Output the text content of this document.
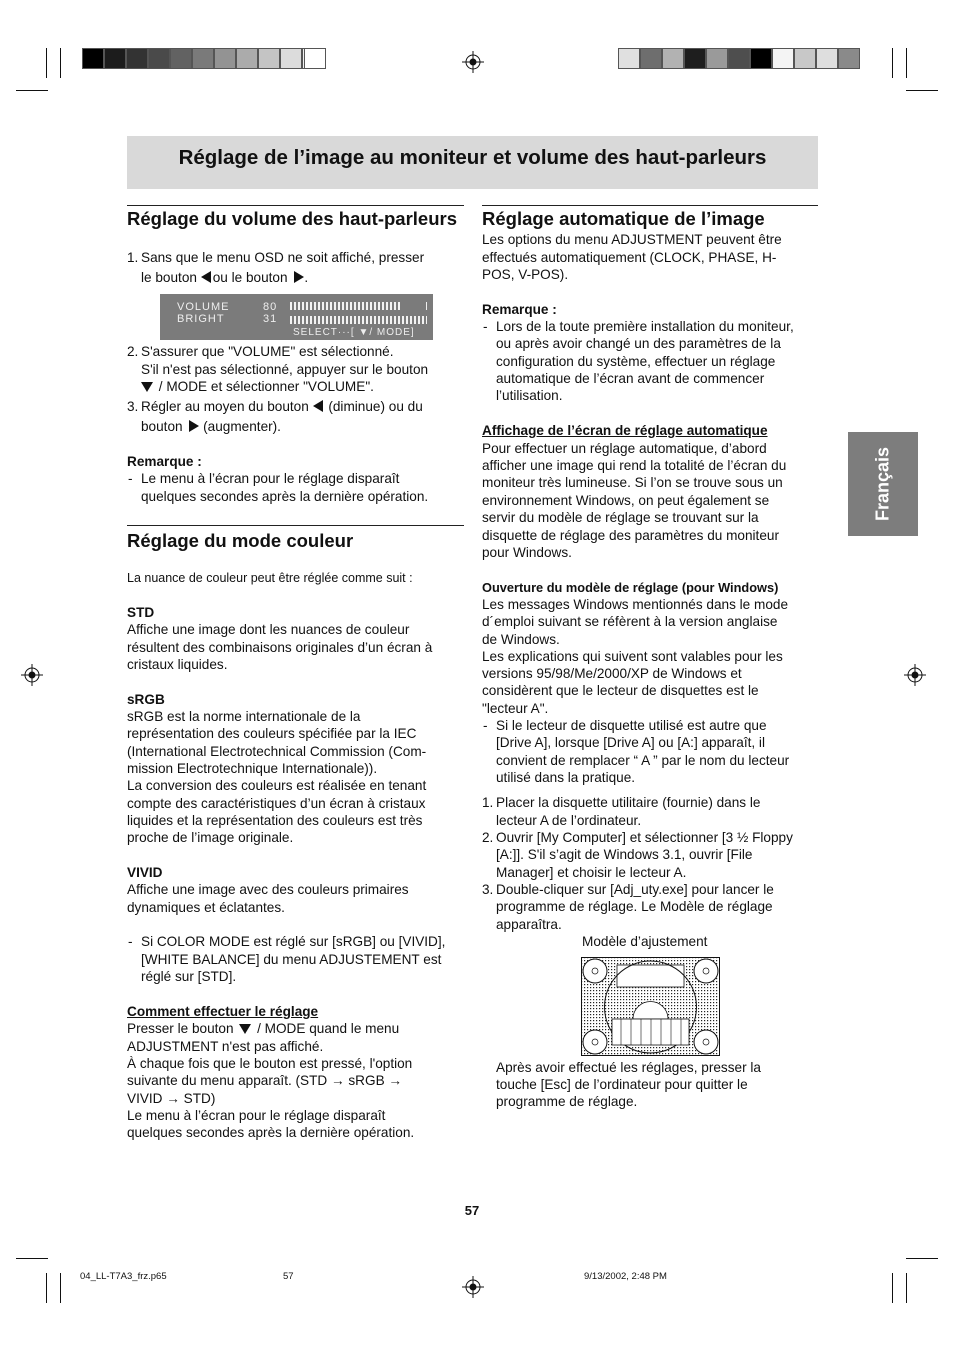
Réglage de l’image au moniteur et volume des haut-parleurs
Français
Réglage du volume des haut-parleurs
1. Sans que le menu OSD ne soit affiché, presser
le bouton ou le bouton .
VOLUME	80
BRIGHT	31
SELECT···[ ▼/ MODE]
2. S'assurer que "VOLUME" est sélectionné.
S'il n'est pas sélectionné, appuyer sur le bouton
/ MODE et sélectionner "VOLUME".
3. Régler au moyen du bouton (diminue) ou du
bouton (augmenter).
Remarque :
- Le menu à l’écran pour le réglage disparaît
quelques secondes après la dernière opération.
Réglage du mode couleur
La nuance de couleur peut être réglée comme suit :
STD
Affiche une image dont les nuances de couleur
résultent des combinaisons originales d’un écran à
cristaux liquides.
sRGB
sRGB est la norme internationale de la
représentation des couleurs spécifiée par la IEC
(International Electrotechnical Commission (Com-
mission Electrotechnique Internationale)).
La conversion des couleurs est réalisée en tenant
compte des caractéristiques d’un écran à cristaux
liquides et la représentation des couleurs est très
proche de l’image originale.
VIVID
Affiche une image avec des couleurs primaires
dynamiques et éclatantes.
- Si COLOR MODE est réglé sur [sRGB] ou [VIVID],
[WHITE BALANCE] du menu ADJUSTEMENT est
réglé sur [STD].
Comment effectuer le réglage
Presser le bouton / MODE quand le menu
ADJUSTMENT n'est pas affiché.
À chaque fois que le bouton est pressé, l'option
suivante du menu apparaît. (STD → sRGB →
VIVID → STD)
Le menu à l’écran pour le réglage disparaît
quelques secondes après la dernière opération.
Réglage automatique de l’image
Les options du menu ADJUSTMENT peuvent être
effectués automatiquement (CLOCK, PHASE, H-
POS, V-POS).
Remarque :
- Lors de la toute première installation du moniteur,
ou après avoir changé un des paramètres de la
configuration du système, effectuer un réglage
automatique de l’écran avant de commencer
l’utilisation.
Affichage de l’écran de réglage automatique
Pour effectuer un réglage automatique, d’abord
afficher une image qui rend la totalité de l’écran du
moniteur très lumineuse. Si l’on se trouve sous un
environnement Windows, on peut également se
servir du modèle de réglage se trouvant sur la
disquette de réglage des paramètres du moniteur
pour Windows.
Ouverture du modèle de réglage (pour Windows)
Les messages Windows mentionnés dans le mode
d´emploi suivant se réfèrent à la version anglaise
de Windows.
Les explications qui suivent sont valables pour les
versions 95/98/Me/2000/XP de Windows et
considèrent que le lecteur de disquettes est le
"lecteur A".
- Si le lecteur de disquette utilisé est autre que
[Drive A], lorsque [Drive A] ou [A:] apparaît, il
convient de remplacer “ A ” par le nom du lecteur
utilisé dans la pratique.
1. Placer la disquette utilitaire (fournie) dans le
lecteur A de l’ordinateur.
2. Ouvrir [My Computer] et sélectionner [3 ½ Floppy
[A:]]. S'il s’agit de Windows 3.1, ouvrir [File
Manager] et choisir le lecteur A.
3. Double-cliquer sur [Adj_uty.exe] pour lancer le
programme de réglage. Le Modèle de réglage
apparaîtra.
Modèle d’ajustement
Après avoir effectué les réglages, presser la
touche [Esc] de l’ordinateur pour quitter le
programme de réglage.
57
04_LL-T7A3_frz.p65	57	9/13/2002, 2:48 PM
